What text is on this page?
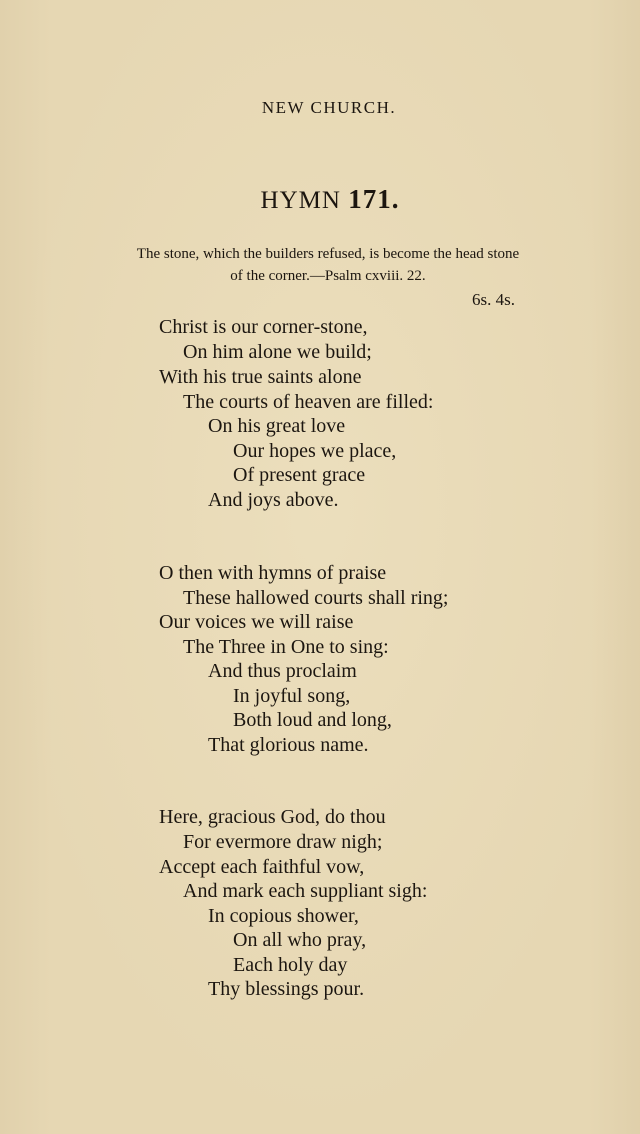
NEW CHURCH.
HYMN 171.
The stone, which the builders refused, is become the head stone
of the corner.—Psalm cxviii. 22.
6s. 4s.
Christ is our corner-stone,
On him alone we build;
With his true saints alone
The courts of heaven are filled:
On his great love
Our hopes we place,
Of present grace
And joys above.
O then with hymns of praise
These hallowed courts shall ring;
Our voices we will raise
The Three in One to sing:
And thus proclaim
In joyful song,
Both loud and long,
That glorious name.
Here, gracious God, do thou
For evermore draw nigh;
Accept each faithful vow,
And mark each suppliant sigh:
In copious shower,
On all who pray,
Each holy day
Thy blessings pour.
